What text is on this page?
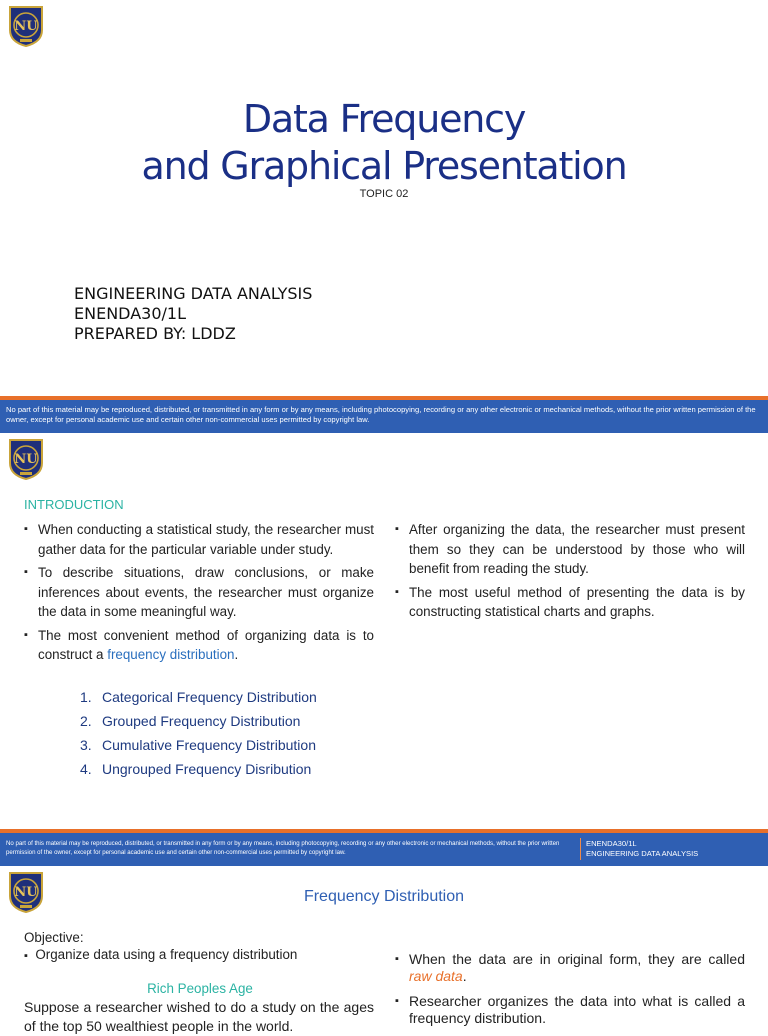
Data Frequency
and Graphical Presentation
TOPIC 02
ENGINEERING DATA ANALYSIS
ENENDA30/1L
PREPARED BY: LDDZ
No part of this material may be reproduced, distributed, or transmitted in any form or by any means, including photocopying, recording or any other electronic or mechanical methods, without the prior written permission of the owner, except for personal academic use and certain other non-commercial uses permitted by copyright law.
INTRODUCTION
▪ When conducting a statistical study, the researcher must gather data for the particular variable under study.
▪ To describe situations, draw conclusions, or make inferences about events, the researcher must organize the data in some meaningful way.
▪ The most convenient method of organizing data is to construct a frequency distribution.
1. Categorical Frequency Distribution
2. Grouped Frequency Distribution
3. Cumulative Frequency Distribution
4. Ungrouped Frequency Disribution
▪ After organizing the data, the researcher must present them so they can be understood by those who will benefit from reading the study.
▪ The most useful method of presenting the data is by constructing statistical charts and graphs.
No part of this material may be reproduced, distributed, or transmitted in any form or by any means, including photocopying, recording or any other electronic or mechanical methods, without the prior written permission of the owner, except for personal academic use and certain other non-commercial uses permitted by copyright law.
ENENDA30/1L
ENGINEERING DATA ANALYSIS
Frequency Distribution
Objective:
▪ Organize data using a frequency distribution
Rich Peoples Age
Suppose a researcher wished to do a study on the ages of the top 50 wealthiest people in the world.
▪ When the data are in original form, they are called raw data.
▪ Researcher organizes the data into what is called a frequency distribution.
